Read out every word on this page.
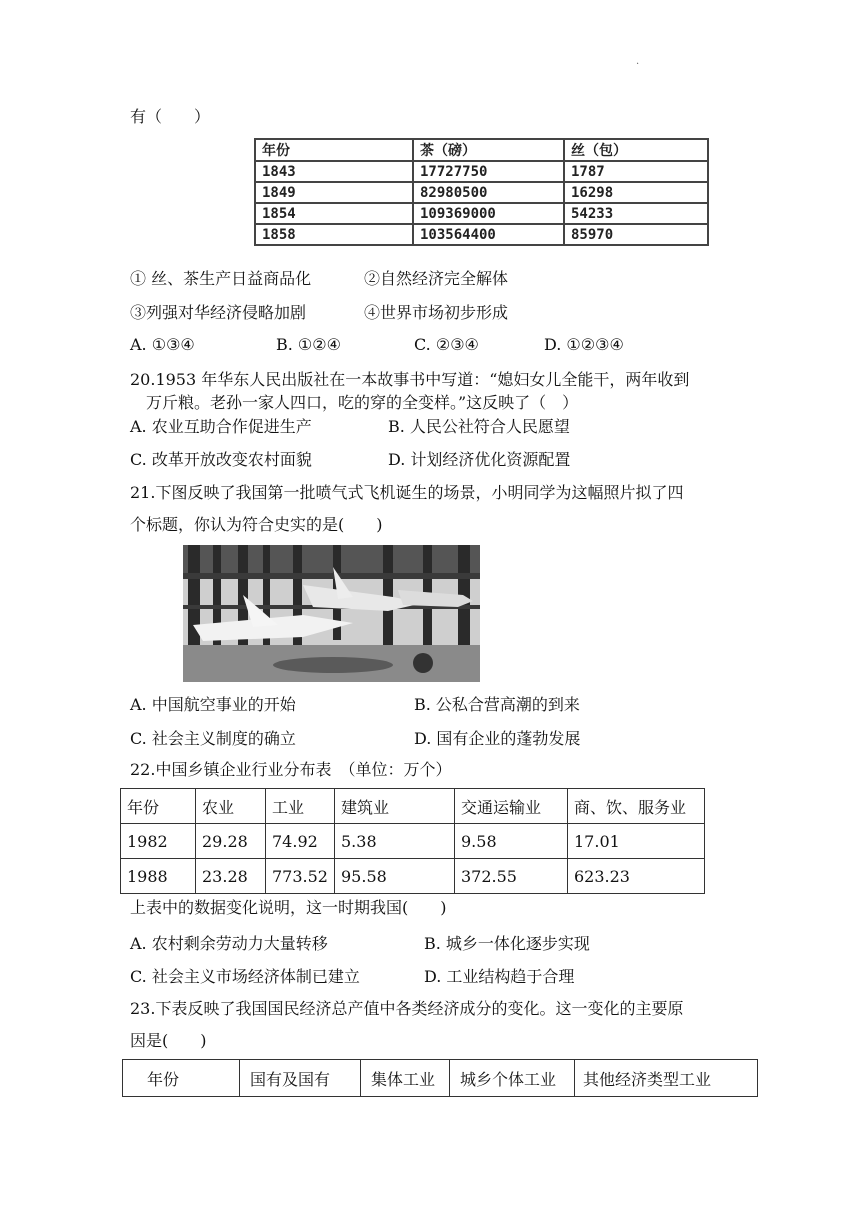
.
有（　　）
年份	茶（磅）	丝（包）
1843	17727750	1787
1849	82980500	16298
1854	109369000	54233
1858	103564400	85970
① 丝、茶生产日益商品化	②自然经济完全解体
③列强对华经济侵略加剧	④世界市场初步形成
A. ①③④	B. ①②④	C. ②③④	D. ①②③④
20.1953 年华东人民出版社在一本故事书中写道：“媳妇女儿全能干，两年收到
万斤粮。老孙一家人四口，吃的穿的全变样。”这反映了（　）
A. 农业互助合作促进生产	B. 人民公社符合人民愿望
C. 改革开放改变农村面貌	D. 计划经济优化资源配置
21.下图反映了我国第一批喷气式飞机诞生的场景，小明同学为这幅照片拟了四
个标题，你认为符合史实的是(　　)
A. 中国航空事业的开始	B. 公私合营高潮的到来
C. 社会主义制度的确立	D. 国有企业的蓬勃发展
22.中国乡镇企业行业分布表　（单位：万个）
年份	农业	工业	建筑业	交通运输业	商、饮、服务业
1982	29.28	74.92	5.38	9.58	17.01
1988	23.28	773.52	95.58	372.55	623.23
上表中的数据变化说明，这一时期我国(　　)
A. 农村剩余劳动力大量转移	B. 城乡一体化逐步实现
C. 社会主义市场经济体制已建立	D. 工业结构趋于合理
23.下表反映了我国国民经济总产值中各类经济成分的变化。这一变化的主要原
因是(　　)
年份	国有及国有	集体工业	城乡个体工业	其他经济类型工业
